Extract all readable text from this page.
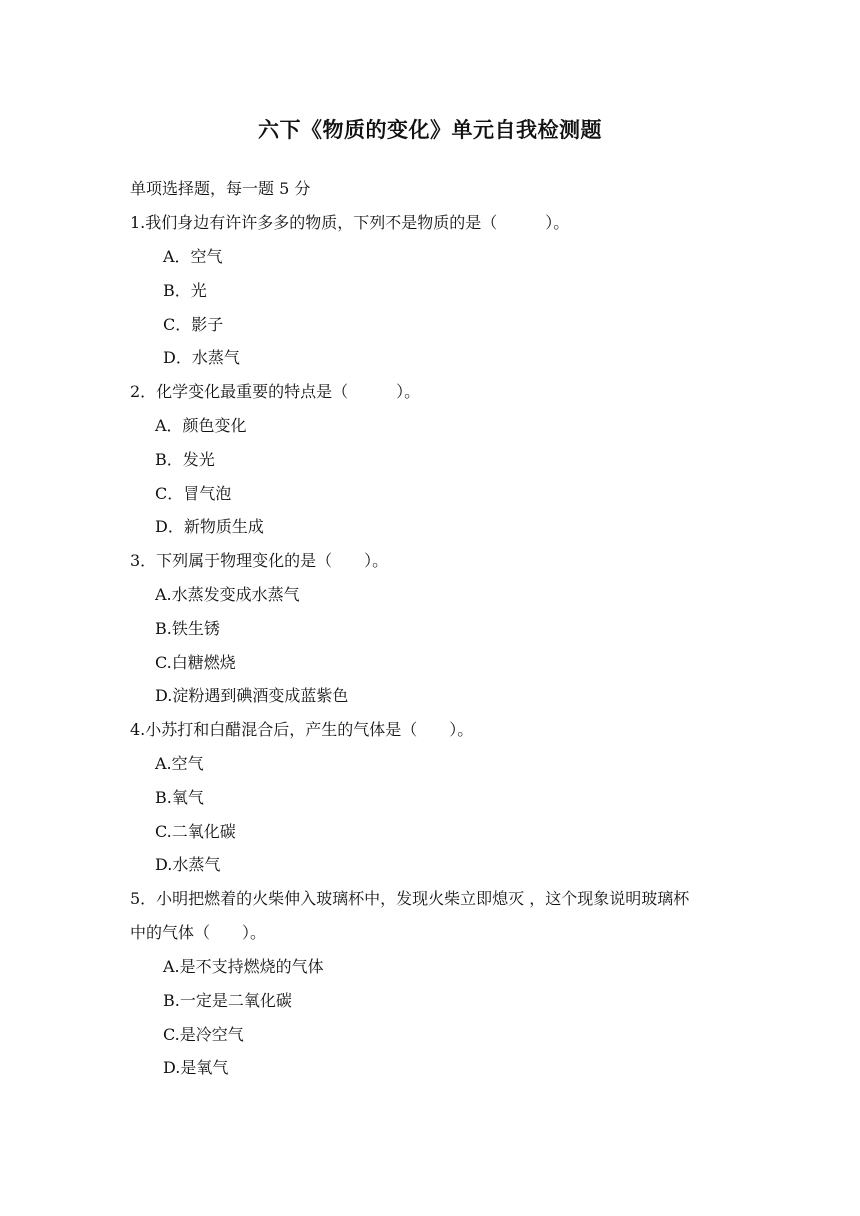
六下《物质的变化》单元自我检测题
单项选择题，每一题 5 分
1.我们身边有许许多多的物质，下列不是物质的是（　　　）。
A．空气
B．光
C．影子
D．水蒸气
2．化学变化最重要的特点是（　　　）。
A．颜色变化
B．发光
C．冒气泡
D．新物质生成
3．下列属于物理变化的是（　　）。
A.水蒸发变成水蒸气
B.铁生锈
C.白糖燃烧
D.淀粉遇到碘酒变成蓝紫色
4.小苏打和白醋混合后，产生的气体是（　　）。
A.空气
B.氧气
C.二氧化碳
D.水蒸气
5．小明把燃着的火柴伸入玻璃杯中，发现火柴立即熄灭 ，这个现象说明玻璃杯
中的气体（　　）。
A.是不支持燃烧的气体
B.一定是二氧化碳
C.是冷空气
D.是氧气
